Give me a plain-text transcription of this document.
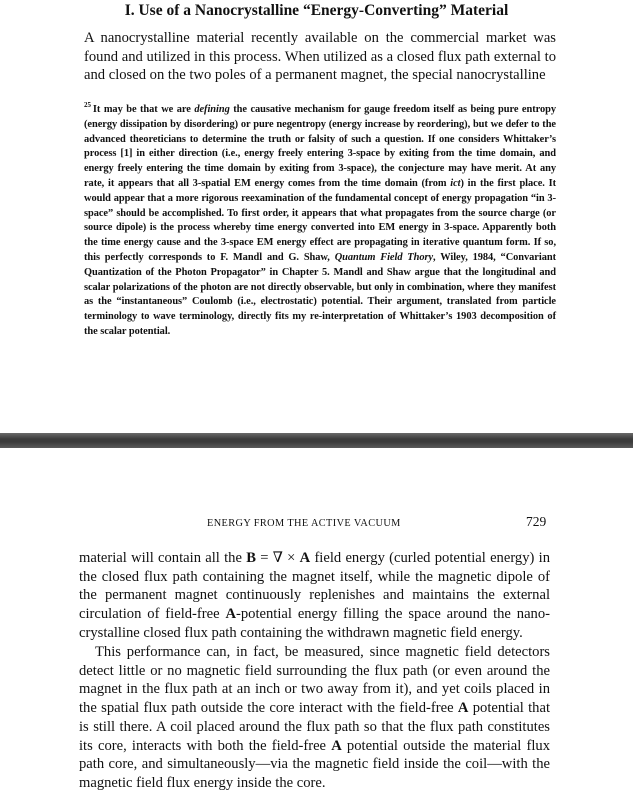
I. Use of a Nanocrystalline “Energy-Converting” Material
A nanocrystalline material recently available on the commercial market was found and utilized in this process. When utilized as a closed flux path external to and closed on the two poles of a permanent magnet, the special nanocrystalline
$^{25}$ It may be that we are defining the causative mechanism for gauge freedom itself as being pure entropy (energy dissipation by disordering) or pure negentropy (energy increase by reordering), but we defer to the advanced theoreticians to determine the truth or falsity of such a question. If one considers Whittaker’s process [1] in either direction (i.e., energy freely entering 3-space by exiting from the time domain, and energy freely entering the time domain by exiting from 3-space), the conjecture may have merit. At any rate, it appears that all 3-spatial EM energy comes from the time domain (from ict) in the first place. It would appear that a more rigorous reexamination of the fundamental concept of energy propagation “in 3-space” should be accomplished. To first order, it appears that what propagates from the source charge (or source dipole) is the process whereby time energy converted into EM energy in 3-space. Apparently both the time energy cause and the 3-space EM energy effect are propagating in iterative quantum form. If so, this perfectly corresponds to F. Mandl and G. Shaw, Quantum Field Thory, Wiley, 1984, “Convariant Quantization of the Photon Propagator” in Chapter 5. Mandl and Shaw argue that the longitudinal and scalar polarizations of the photon are not directly observable, but only in combination, where they manifest as the “instantaneous” Coulomb (i.e., electrostatic) potential. Their argument, translated from particle terminology to wave terminology, directly fits my re-interpretation of Whittaker’s 1903 decomposition of the scalar potential.
ENERGY FROM THE ACTIVE VACUUM	729
material will contain all the B = ∇ × A field energy (curled potential energy) in the closed flux path containing the magnet itself, while the magnetic dipole of the permanent magnet continuously replenishes and maintains the external circulation of field-free A-potential energy filling the space around the nano-crystalline closed flux path containing the withdrawn magnetic field energy.
This performance can, in fact, be measured, since magnetic field detectors detect little or no magnetic field surrounding the flux path (or even around the magnet in the flux path at an inch or two away from it), and yet coils placed in the spatial flux path outside the core interact with the field-free A potential that is still there. A coil placed around the flux path so that the flux path constitutes its core, interacts with both the field-free A potential outside the material flux path core, and simultaneously—via the magnetic field inside the coil—with the magnetic field flux energy inside the core.
